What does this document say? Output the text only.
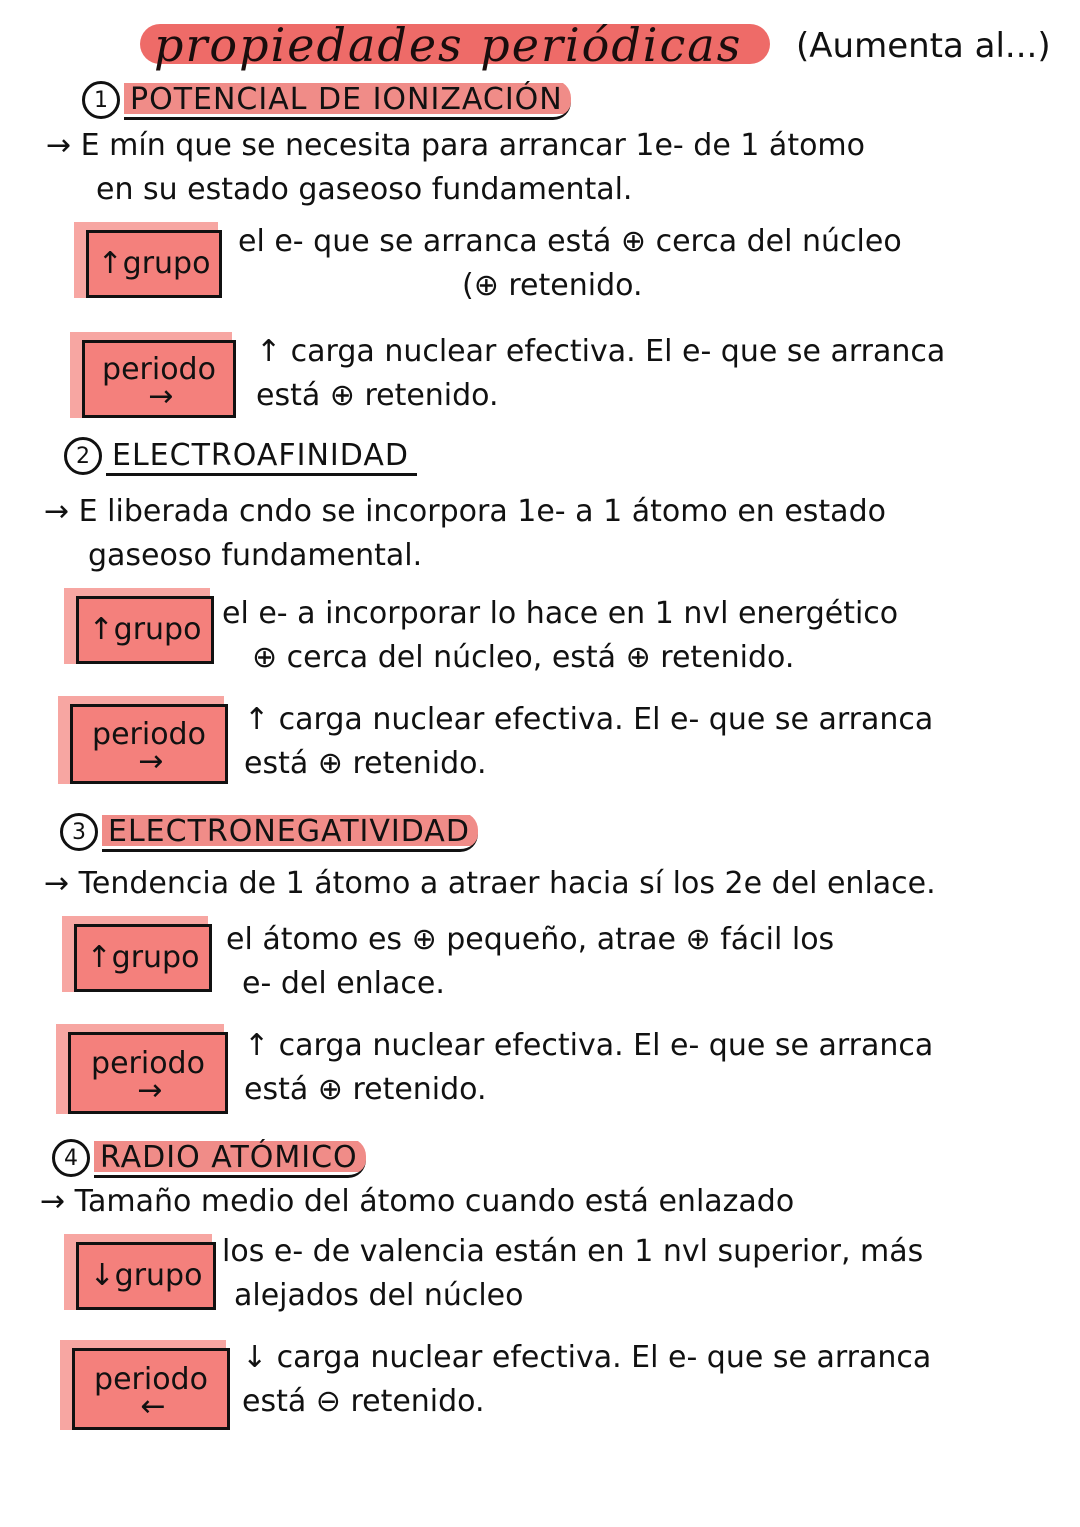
propiedades periódicas	(Aumenta al...)
1 POTENCIAL DE IONIZACIÓN
→ E mín que se necesita para arrancar 1e- de 1 átomo
en su estado gaseoso fundamental.
↑grupo
el e- que se arranca está ⊕ cerca del núcleo
(⊕ retenido.
periodo
→
↑ carga nuclear efectiva. El e- que se arranca
está ⊕ retenido.
2 ELECTROAFINIDAD
→ E liberada cndo se incorpora 1e- a 1 átomo en estado
gaseoso fundamental.
↑grupo el e- a incorporar lo hace en 1 nvl energético
⊕ cerca del núcleo, está ⊕ retenido.
periodo
→
↑ carga nuclear efectiva. El e- que se arranca
está ⊕ retenido.
3 ELECTRONEGATIVIDAD
→ Tendencia de 1 átomo a atraer hacia sí los 2e del enlace.
↑grupo
el átomo es ⊕ pequeño, atrae ⊕ fácil los
e- del enlace.
periodo
→
↑ carga nuclear efectiva. El e- que se arranca
está ⊕ retenido.
4 RADIO ATÓMICO
→ Tamaño medio del átomo cuando está enlazado
↓grupo
los e- de valencia están en 1 nvl superior, más
alejados del núcleo
periodo
←
↓ carga nuclear efectiva. El e- que se arranca
está ⊖ retenido.
